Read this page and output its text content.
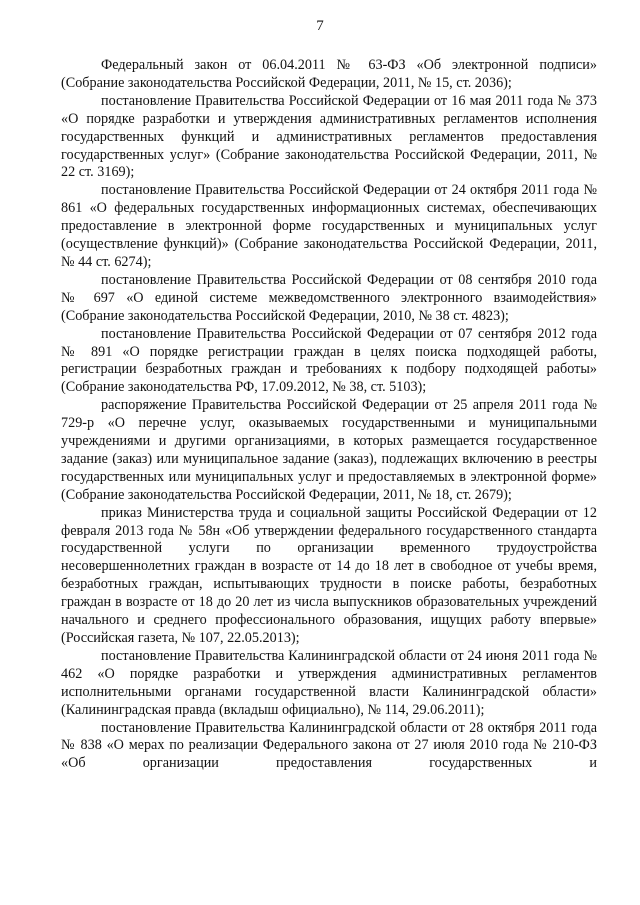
7

Федеральный закон от 06.04.2011 № 63-ФЗ «Об электронной подписи» (Собрание законодательства Российской Федерации, 2011, № 15, ст. 2036);

постановление Правительства Российской Федерации от 16 мая 2011 года № 373 «О порядке разработки и утверждения административных регламентов исполнения государственных функций и административных регламентов предоставления государственных услуг» (Собрание законодательства Российской Федерации, 2011, № 22 ст. 3169);

постановление Правительства Российской Федерации от 24 октября 2011 года № 861 «О федеральных государственных информационных системах, обеспечивающих предоставление в электронной форме государственных и муниципальных услуг (осуществление функций)» (Собрание законодательства Российской Федерации, 2011, № 44 ст. 6274);

постановление Правительства Российской Федерации от 08 сентября 2010 года № 697 «О единой системе межведомственного электронного взаимодействия» (Собрание законодательства Российской Федерации, 2010, № 38 ст. 4823);

постановление Правительства Российской Федерации от 07 сентября 2012 года № 891 «О порядке регистрации граждан в целях поиска подходящей работы, регистрации безработных граждан и требованиях к подбору подходящей работы» (Собрание законодательства РФ, 17.09.2012, № 38, ст. 5103);

распоряжение Правительства Российской Федерации от 25 апреля 2011 года № 729-р «О перечне услуг, оказываемых государственными и муниципальными учреждениями и другими организациями, в которых размещается государственное задание (заказ) или муниципальное задание (заказ), подлежащих включению в реестры государственных или муниципальных услуг и предоставляемых в электронной форме» (Собрание законодательства Российской Федерации, 2011, № 18, ст. 2679);

приказ Министерства труда и социальной защиты Российской Федерации от 12 февраля 2013 года № 58н «Об утверждении федерального государственного стандарта государственной услуги по организации временного трудоустройства несовершеннолетних граждан в возрасте от 14 до 18 лет в свободное от учебы время, безработных граждан, испытывающих трудности в поиске работы, безработных граждан в возрасте от 18 до 20 лет из числа выпускников образовательных учреждений начального и среднего профессионального образования, ищущих работу впервые» (Российская газета, № 107, 22.05.2013);

постановление Правительства Калининградской области от 24 июня 2011 года № 462 «О порядке разработки и утверждения административных регламентов исполнительными органами государственной власти Калининградской области» (Калининградская правда (вкладыш официально), № 114, 29.06.2011);

постановление Правительства Калининградской области от 28 октября 2011 года № 838 «О мерах по реализации Федерального закона от 27 июля 2010 года № 210-ФЗ «Об организации предоставления государственных и
